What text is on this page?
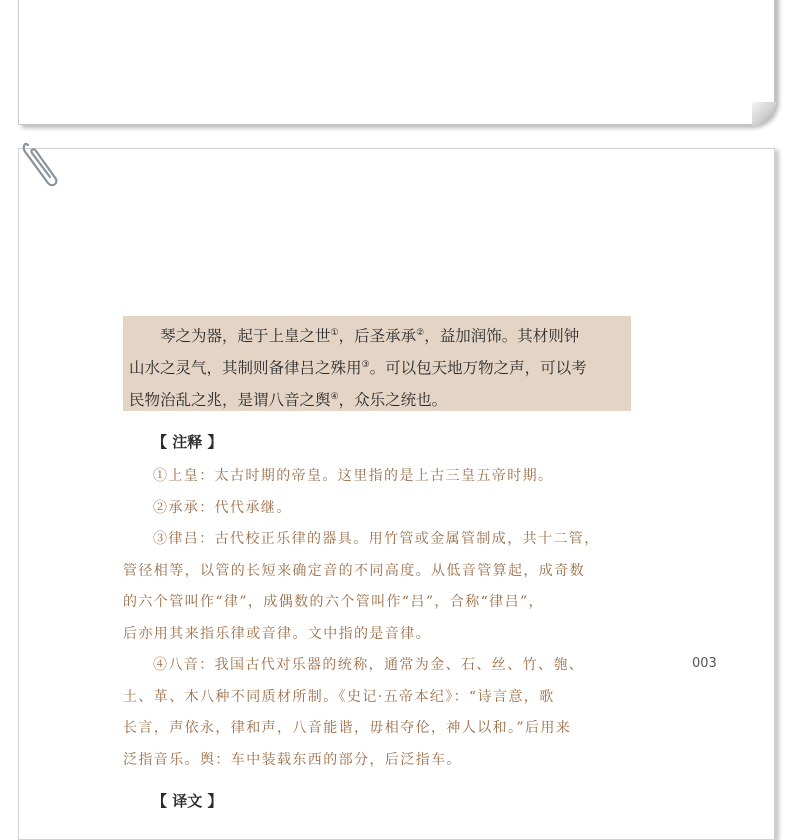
琴之为器，起于上皇之世①，后圣承承②，益加润饰。其材则钟
山水之灵气，其制则备律吕之殊用③。可以包天地万物之声，可以考
民物治乱之兆，是谓八音之舆④，众乐之统也。
【 注释 】
①上皇：太古时期的帝皇。这里指的是上古三皇五帝时期。
②承承：代代承继。
③律吕：古代校正乐律的器具。用竹管或金属管制成，共十二管，
管径相等，以管的长短来确定音的不同高度。从低音管算起，成奇数
的六个管叫作“律”，成偶数的六个管叫作“吕”，合称“律吕”，
后亦用其来指乐律或音律。文中指的是音律。
④八音：我国古代对乐器的统称，通常为金、石、丝、竹、匏、
土、革、木八种不同质材所制。《史记·五帝本纪》：“诗言意，歌
长言，声依永，律和声，八音能谐，毋相夺伦，神人以和。”后用来
泛指音乐。舆：车中装载东西的部分，后泛指车。
003
【 译文 】
